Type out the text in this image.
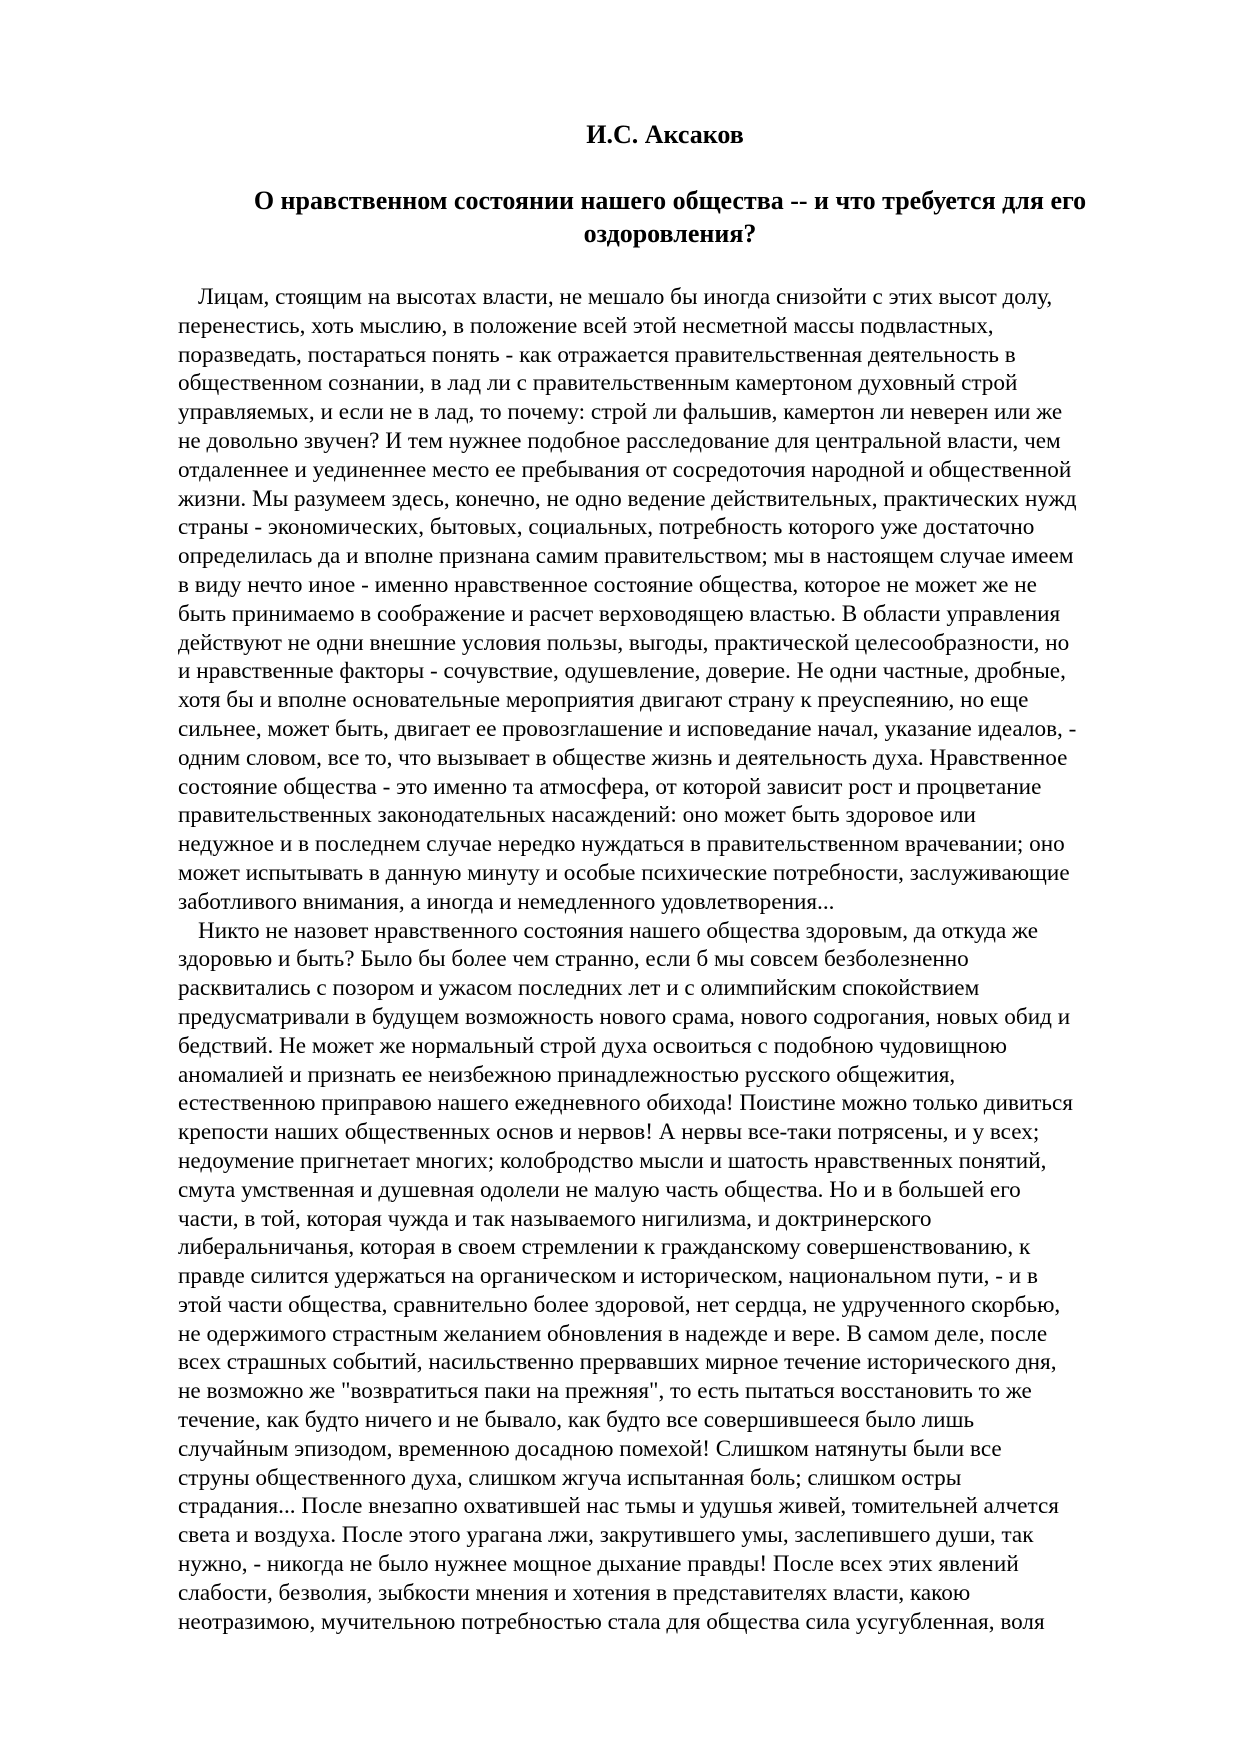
И.С. Аксаков
О нравственном состоянии нашего общества -- и что требуется для его
оздоровления?
Лицам, стоящим на высотах власти, не мешало бы иногда снизойти с этих высот долу,
перенестись, хоть мыслию, в положение всей этой несметной массы подвластных,
поразведать, постараться понять - как отражается правительственная деятельность в
общественном сознании, в лад ли с правительственным камертоном духовный строй
управляемых, и если не в лад, то почему: строй ли фальшив, камертон ли неверен или же
не довольно звучен? И тем нужнее подобное расследование для центральной власти, чем
отдаленнее и уединеннее место ее пребывания от сосредоточия народной и общественной
жизни. Мы разумеем здесь, конечно, не одно ведение действительных, практических нужд
страны - экономических, бытовых, социальных, потребность которого уже достаточно
определилась да и вполне признана самим правительством; мы в настоящем случае имеем
в виду нечто иное - именно нравственное состояние общества, которое не может же не
быть принимаемо в соображение и расчет верховодящею властью. В области управления
действуют не одни внешние условия пользы, выгоды, практической целесообразности, но
и нравственные факторы - сочувствие, одушевление, доверие. Не одни частные, дробные,
хотя бы и вполне основательные мероприятия двигают страну к преуспеянию, но еще
сильнее, может быть, двигает ее провозглашение и исповедание начал, указание идеалов, -
одним словом, все то, что вызывает в обществе жизнь и деятельность духа. Нравственное
состояние общества - это именно та атмосфера, от которой зависит рост и процветание
правительственных законодательных насаждений: оно может быть здоровое или
недужное и в последнем случае нередко нуждаться в правительственном врачевании; оно
может испытывать в данную минуту и особые психические потребности, заслуживающие
заботливого внимания, а иногда и немедленного удовлетворения...
Никто не назовет нравственного состояния нашего общества здоровым, да откуда же
здоровью и быть? Было бы более чем странно, если б мы совсем безболезненно
расквитались с позором и ужасом последних лет и с олимпийским спокойствием
предусматривали в будущем возможность нового срама, нового содрогания, новых обид и
бедствий. Не может же нормальный строй духа освоиться с подобною чудовищною
аномалией и признать ее неизбежною принадлежностью русского общежития,
естественною приправою нашего ежедневного обихода! Поистине можно только дивиться
крепости наших общественных основ и нервов! А нервы все-таки потрясены, и у всех;
недоумение пригнетает многих; колобродство мысли и шатость нравственных понятий,
смута умственная и душевная одолели не малую часть общества. Но и в большей его
части, в той, которая чужда и так называемого нигилизма, и доктринерского
либеральничанья, которая в своем стремлении к гражданскому совершенствованию, к
правде силится удержаться на органическом и историческом, национальном пути, - и в
этой части общества, сравнительно более здоровой, нет сердца, не удрученного скорбью,
не одержимого страстным желанием обновления в надежде и вере. В самом деле, после
всех страшных событий, насильственно прервавших мирное течение исторического дня,
не возможно же "возвратиться паки на прежняя", то есть пытаться восстановить то же
течение, как будто ничего и не бывало, как будто все совершившееся было лишь
случайным эпизодом, временною досадною помехой! Слишком натянуты были все
струны общественного духа, слишком жгуча испытанная боль; слишком остры
страдания... После внезапно охватившей нас тьмы и удушья живей, томительней алчется
света и воздуха. После этого урагана лжи, закрутившего умы, заслепившего души, так
нужно, - никогда не было нужнее мощное дыхание правды! После всех этих явлений
слабости, безволия, зыбкости мнения и хотения в представителях власти, какою
неотразимою, мучительною потребностью стала для общества сила усугубленная, воля
